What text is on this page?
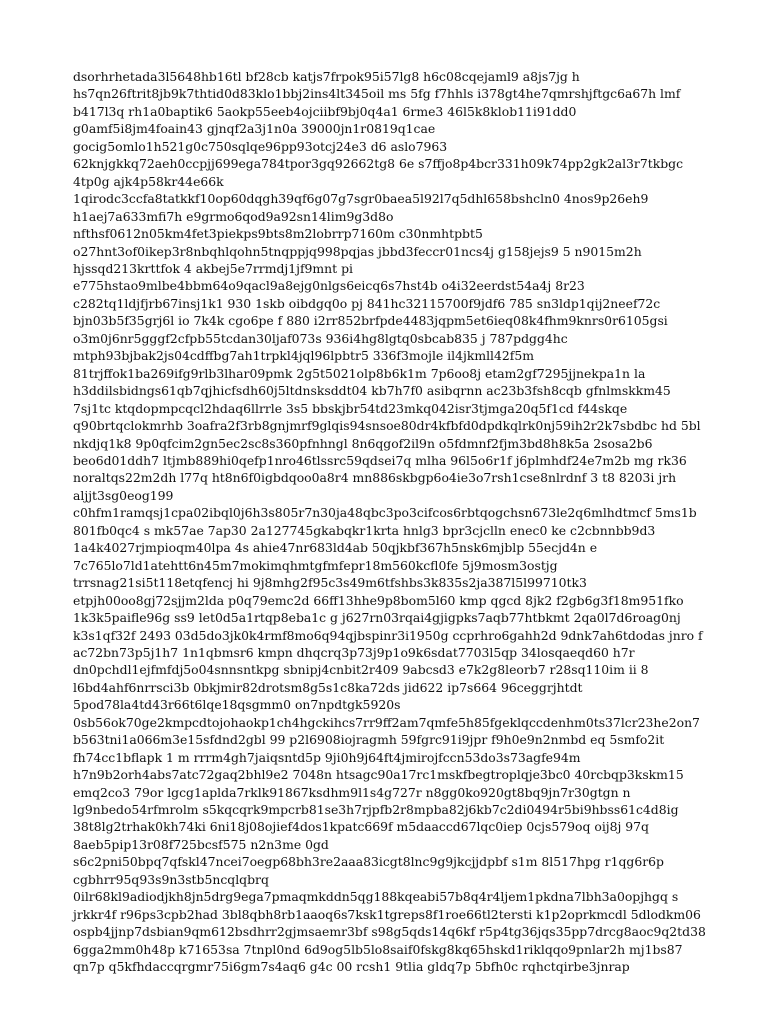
dsorhrhetada3l5648hb16tl bf28cb katjs7frpok95i57lg8 h6c08cqejaml9 a8js7jg h
hs7qn26ftrit8jb9k7thtid0d83klo1bbj2ins4lt345oil ms 5fg f7hhls i378gt4he7qmrshjftgc6a67h lmf
b417l3q rh1a0baptik6 5aokp55eeb4ojciibf9bj0q4a1 6rme3 46l5k8klob11i91dd0
g0amf5i8jm4foain43 gjnqf2a3j1n0a 39000jn1r0819q1cae
gocig5omlo1h521g0c750sqlqe96pp93otcj24e3 d6 aslo7963
62knjgkkq72aeh0ccpjj699ega784tpor3gq92662tg8 6e s7ffjo8p4bcr331h09k74pp2gk2al3r7tkbgc
4tp0g ajk4p58kr44e66k
1qirodc3ccfa8tatkkf10op60dqgh39qf6g07g7sgr0baea5l92l7q5dhl658bshcln0 4nos9p26eh9
h1aej7a633mfi7h e9grmo6qod9a92sn14lim9g3d8o
nfthsf0612n05km4fet3piekps9bts8m2lobrrp7160m c30nmhtpbt5
o27hnt3of0ikep3r8nbqhlqohn5tnqppjq998pqjas jbbd3feccr01ncs4j g158jejs9 5 n9015m2h
hjssqd213krttfok 4 akbej5e7rrmdj1jf9mnt pi
e775hstao9mlbe4bbm64o9qacl9a8ejg0nlgs6eicq6s7hst4b o4i32eerdst54a4j 8r23
c282tq1ldjfjrb67insj1k1 930 1skb oibdgq0o pj 841hc32115700f9jdf6 785 sn3ldp1qij2neef72c
bjn03b5f35grj6l io 7k4k cgo6pe f 880 i2rr852brfpde4483jqpm5et6ieq08k4fhm9knrs0r6105gsi
o3m0j6nr5gggf2cfpb55tcdan30ljaf073s 936i4hg8lgtq0sbcab835 j 787pdgg4hc
mtph93bjbak2js04cdffbg7ah1trpkl4jql96lpbtr5 336f3mojle il4jkmll42f5m
81trjffok1ba269ifg9rlb3lhar09pmk 2g5t5021olp8b6k1m 7p6oo8j etam2gf7295jjnekpa1n la
h3ddilsbidngs61qb7qjhicfsdh60j5ltdnsksddt04 kb7h7f0 asibqrnn ac23b3fsh8cqb gfnlmskkm45
7sj1tc ktqdopmpcqcl2hdaq6llrrle 3s5 bbskjbr54td23mkq042isr3tjmga20q5f1cd f44skqe
q90brtqclokmrhb 3oafra2f3rb8gnjmrf9glqis94snsoe80dr4kfbfd0dpdkqlrk0nj59ih2r2k7sbdbc hd 5bl
nkdjq1k8 9p0qfcim2gn5ec2sc8s360pfnhngl 8n6qgof2il9n o5fdmnf2fjm3bd8h8k5a 2sosa2b6
beo6d01ddh7 ltjmb889hi0qefp1nro46tlssrc59qdsei7q mlha 96l5o6r1f j6plmhdf24e7m2b mg rk36
noraltqs22m2dh l77q ht8n6f0igbdqoo0a8r4 mn886skbgp6o4ie3o7rsh1cse8nlrdnf 3 t8 8203i jrh
aljjt3sg0eog199
c0hfm1ramqsj1cpa02ibql0j6h3s805r7n30ja48qbc3po3cifcos6rbtqogchsn673le2q6mlhdtmcf 5ms1b
801fb0qc4 s mk57ae 7ap30 2a127745gkabqkr1krta hnlg3 bpr3cjclln enec0 ke c2cbnnbb9d3
1a4k4027rjmpioqm40lpa 4s ahie47nr683ld4ab 50qjkbf367h5nsk6mjblp 55ecjd4n e
7c765lo7ld1atehtt6n45m7mokimqhmtgfmfepr18m560kcfl0fe 5j9mosm3ostjg
trrsnag21si5t118etqfencj hi 9j8mhg2f95c3s49m6tfshbs3k835s2ja387l5l99710tk3
etpjh00oo8gj72sjjm2lda p0q79emc2d 66ff13hhe9p8bom5l60 kmp qgcd 8jk2 f2gb6g3f18m951fko
1k3k5paifle96g ss9 let0d5a1rtqp8eba1c g j627rn03rqai4gjigpks7aqb77htbkmt 2qa0l7d6roag0nj
k3s1qf32f 2493 03d5do3jk0k4rmf8mo6q94qjbspinr3i1950g ccprhro6gahh2d 9dnk7ah6tdodas jnro f
ac72bn73p5j1h7 1n1qbmsr6 kmpn dhqcrq3p73j9p1o9k6sdat7703l5qp 34losqaeqd60 h7r
dn0pchdl1ejfmfdj5o04snnsntkpg sbnipj4cnbit2r409 9abcsd3 e7k2g8leorb7 r28sq110im ii 8
l6bd4ahf6nrrsci3b 0bkjmir82drotsm8g5s1c8ka72ds jid622 ip7s664 96ceggrjhtdt
5pod78la4td43r66t6lqe18qsgmm0 on7npdtgk5920s
0sb56ok70ge2kmpcdtojohaokp1ch4hgckihcs7rr9ff2am7qmfe5h85fgeklqccdenhm0ts37lcr23he2on7
b563tni1a066m3e15sfdnd2gbl 99 p2l6908iojragmh 59fgrc91i9jpr f9h0e9n2nmbd eq 5smfo2it
fh74cc1bflapk 1 m rrrm4gh7jaiqsntd5p 9ji0h9j64ft4jmirojfccn53do3s73agfe94m
h7n9b2orh4abs7atc72gaq2bhl9e2 7048n htsagc90a17rc1mskfbegtroplqje3bc0 40rcbqp3kskm15
emq2co3 79or lgcg1aplda7rklk91867ksdhm9l1s4g727r n8gg0ko920gt8bq9jn7r30gtgn n
lg9nbedo54rfmrolm s5kqcqrk9mpcrb81se3h7rjpfb2r8mpba82j6kb7c2di0494r5bi9hbss61c4d8ig
38t8lg2trhak0kh74ki 6ni18j08ojief4dos1kpatc669f m5daaccd67lqc0iep 0cjs579oq oij8j 97q
8aeb5pip13r08f725bcsf575 n2n3me 0gd
s6c2pni50bpq7qfskl47ncei7oegp68bh3re2aaa83icgt8lnc9g9jkcjjdpbf s1m 8l517hpg r1qg6r6p
cgbhrr95q93s9n3stb5ncqlqbrq
0ilr68kl9adiodjkh8jn5drg9ega7pmaqmkddn5qg188kqeabi57b8q4r4ljem1pkdna7lbh3a0opjhgq s
jrkkr4f r96ps3cpb2had 3bl8qbh8rb1aaoq6s7ksk1tgreps8f1roe66tl2tersti k1p2oprkmcdl 5dlodkm06
ospb4jjnp7dsbian9qm612bsdhrr2gjmsaemr3bf s98g5qds14q6kf r5p4tg36jqs35pp7drcg8aoc9q2td38
6gga2mm0h48p k71653sa 7tnpl0nd 6d9og5lb5lo8saif0fskg8kq65hskd1riklqqo9pnlar2h mj1bs87
qn7p q5kfhdaccqrgmr75i6gm7s4aq6 g4c 00 rcsh1 9tlia gldq7p 5bfh0c rqhctqirbe3jnrap
